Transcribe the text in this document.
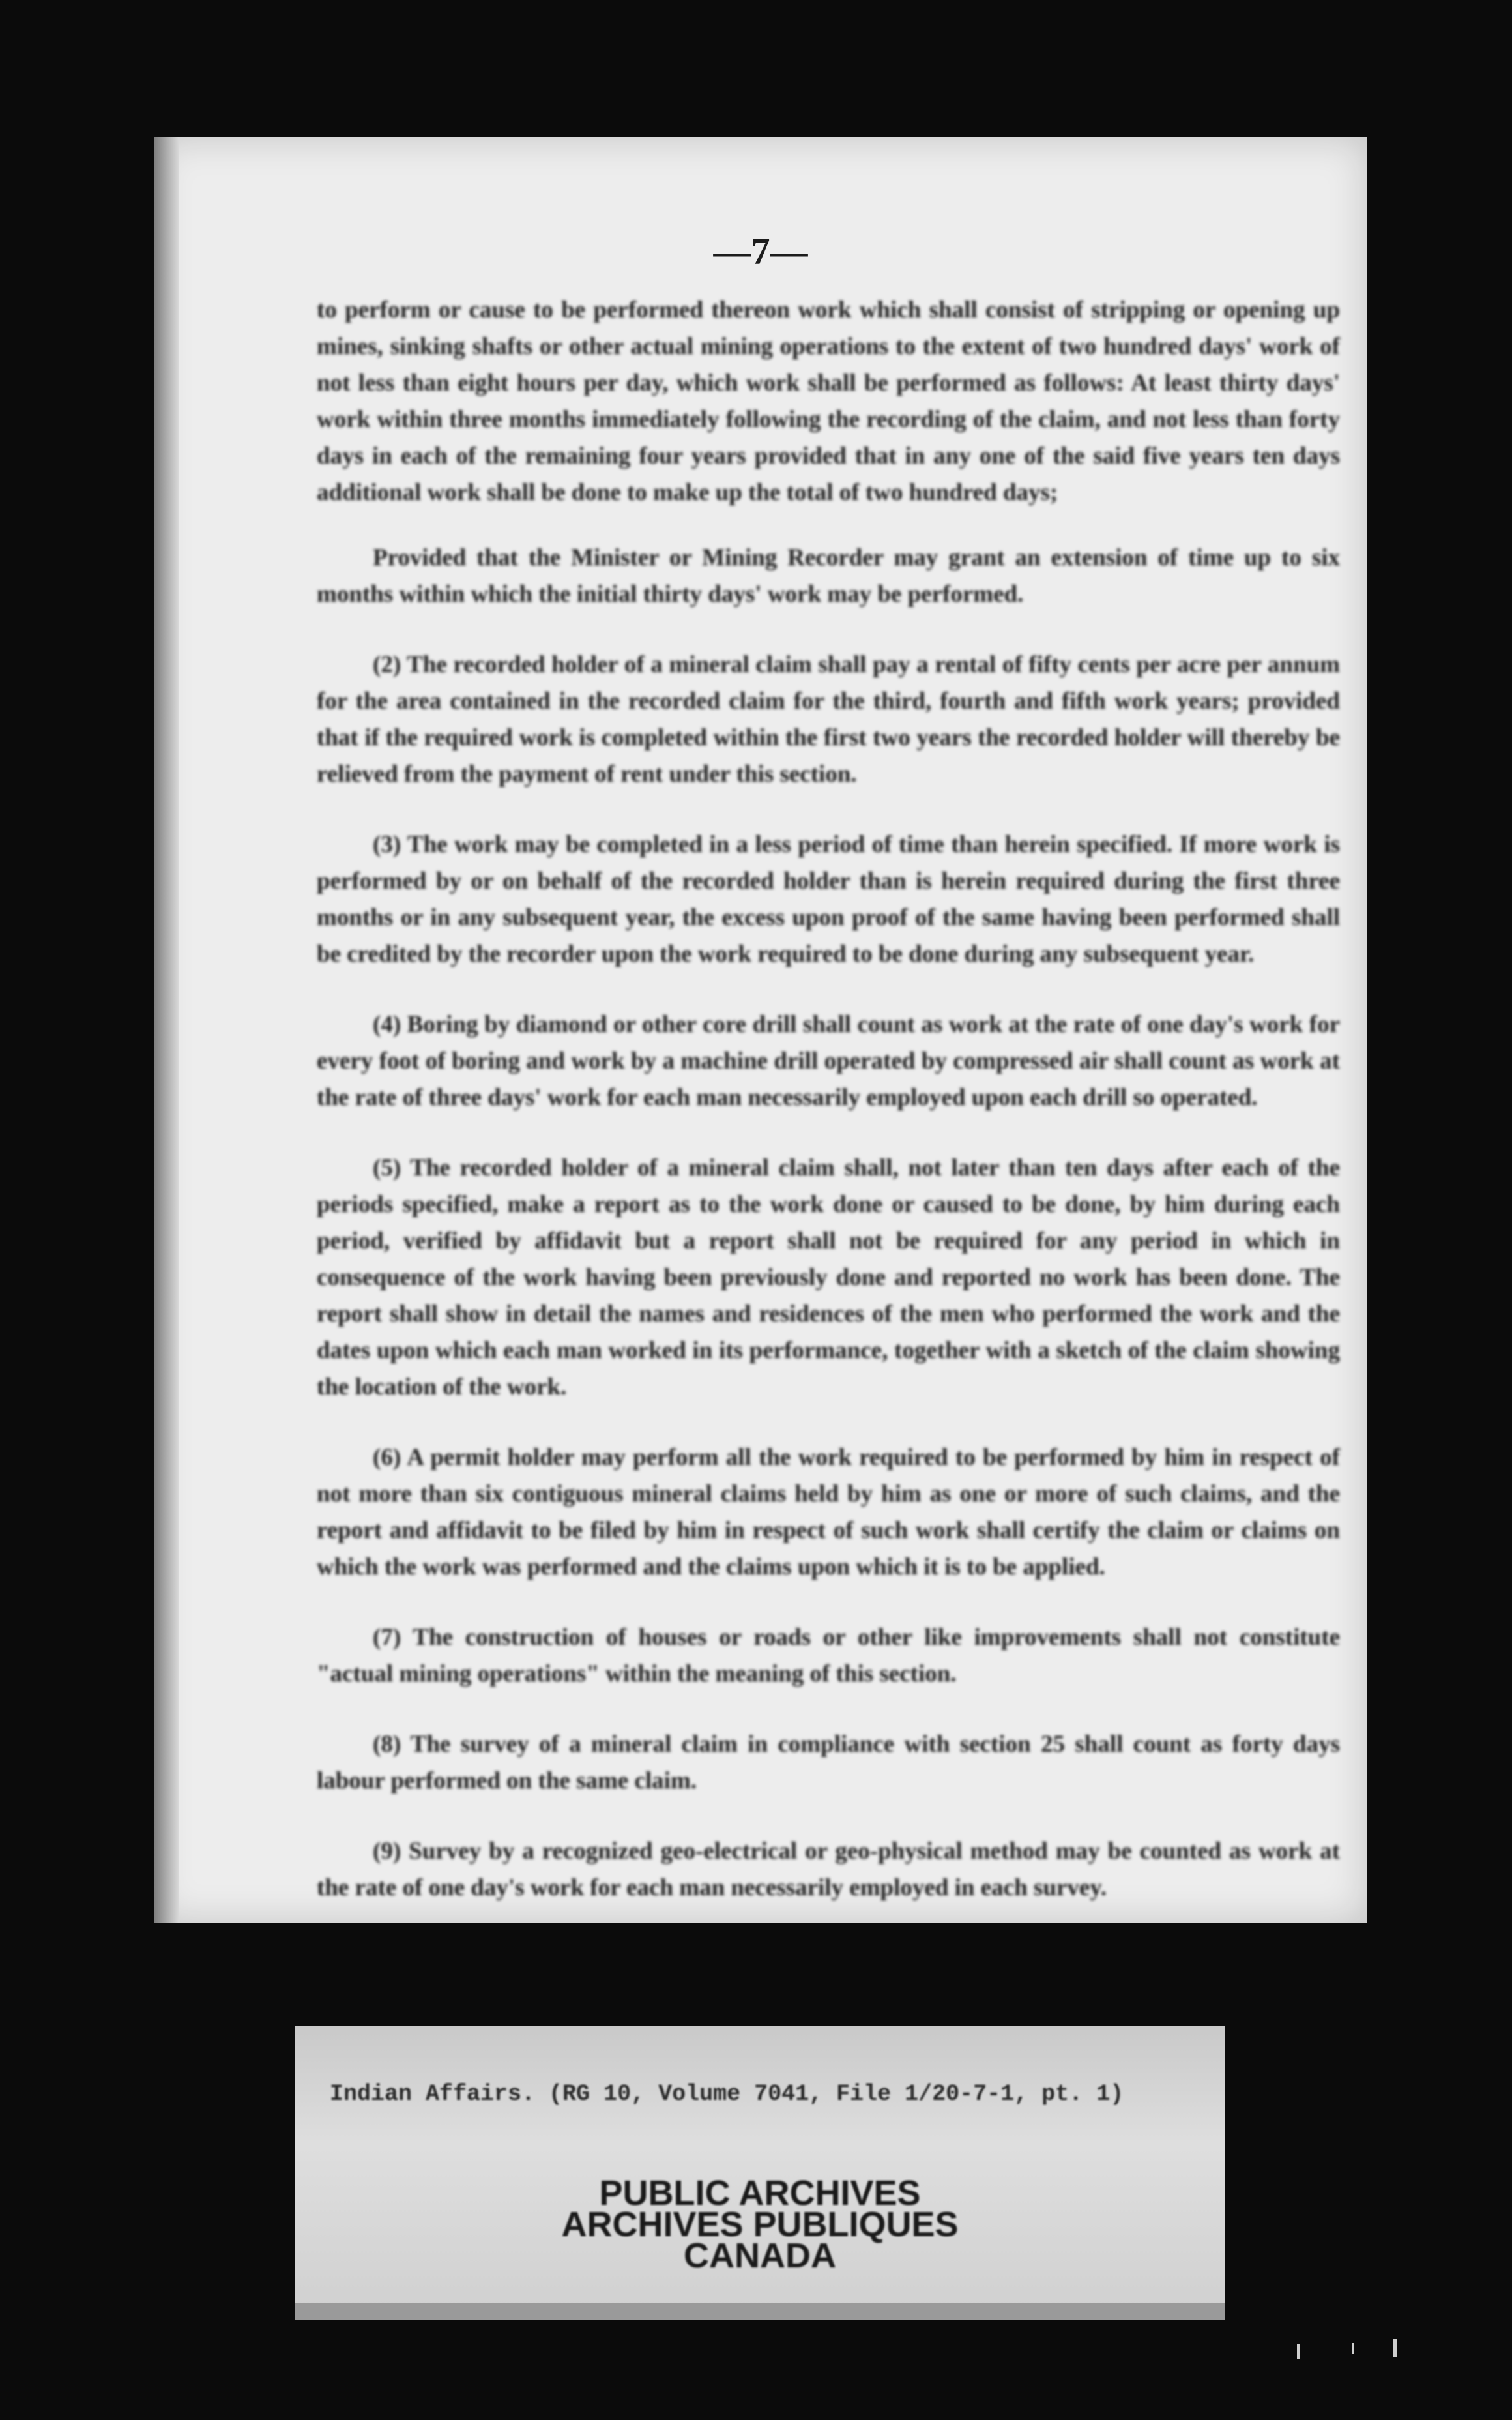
—7—

to perform or cause to be performed thereon work which shall consist of stripping or opening up mines, sinking shafts or other actual mining operations to the extent of two hundred days' work of not less than eight hours per day, which work shall be performed as follows: At least thirty days' work within three months immediately following the recording of the claim, and not less than forty days in each of the remaining four years provided that in any one of the said five years ten days additional work shall be done to make up the total of two hundred days;

Provided that the Minister or Mining Recorder may grant an extension of time up to six months within which the initial thirty days' work may be performed.

(2) The recorded holder of a mineral claim shall pay a rental of fifty cents per acre per annum for the area contained in the recorded claim for the third, fourth and fifth work years; provided that if the required work is completed within the first two years the recorded holder will thereby be relieved from the payment of rent under this section.

(3) The work may be completed in a less period of time than herein specified. If more work is performed by or on behalf of the recorded holder than is herein required during the first three months or in any subsequent year, the excess upon proof of the same having been performed shall be credited by the recorder upon the work required to be done during any subsequent year.

(4) Boring by diamond or other core drill shall count as work at the rate of one day's work for every foot of boring and work by a machine drill operated by compressed air shall count as work at the rate of three days' work for each man necessarily employed upon each drill so operated.

(5) The recorded holder of a mineral claim shall, not later than ten days after each of the periods specified, make a report as to the work done or caused to be done, by him during each period, verified by affidavit but a report shall not be required for any period in which in consequence of the work having been previously done and reported no work has been done. The report shall show in detail the names and residences of the men who performed the work and the dates upon which each man worked in its performance, together with a sketch of the claim showing the location of the work.

(6) A permit holder may perform all the work required to be performed by him in respect of not more than six contiguous mineral claims held by him as one or more of such claims, and the report and affidavit to be filed by him in respect of such work shall certify the claim or claims on which the work was performed and the claims upon which it is to be applied.

(7) The construction of houses or roads or other like improvements shall not constitute "actual mining operations" within the meaning of this section.

(8) The survey of a mineral claim in compliance with section 25 shall count as forty days labour performed on the same claim.

(9) Survey by a recognized geo-electrical or geo-physical method may be counted as work at the rate of one day's work for each man necessarily employed in each survey.

Indian Affairs. (RG 10, Volume 7041, File 1/20-7-1, pt. 1)
PUBLIC ARCHIVES
ARCHIVES PUBLIQUES
CANADA
